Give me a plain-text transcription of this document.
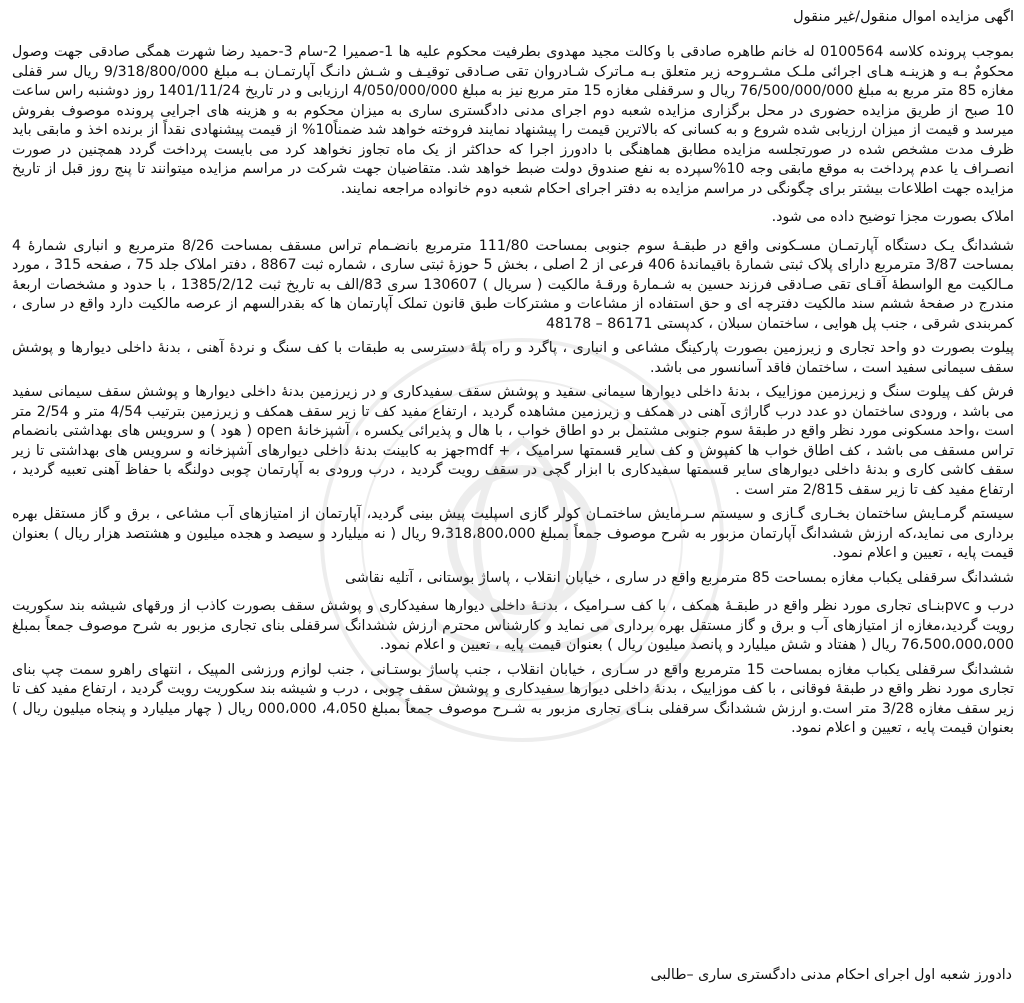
اگهی مزایده اموال منقول/غیر منقول

بموجب پرونده کلاسه 0100564 له خانم طاهره صادقی با وکالت مجید مهدوی بطرفیت محکوم علیه ها 1-صمیرا 2-سام 3-حمید رضا شهرت همگی صادقی جهت وصول محکومٌ بـه و هزینـه هـای اجرائی ملـک مشـروحه زیر متعلق بـه مـاترک شـادروان تقی صـادقی توقیـف و شـش دانـگ آپارتمـان بـه مبلغ 9/318/800/000 ریال سر قفلی مغازه 85 متر مربع به مبلغ 76/500/000/000 ریال و سرقفلی مغازه 15 متر مربع نیز به مبلغ 4/050/000/000 ارزیابی و در تاریخ 1401/11/24 روز دوشنبه راس ساعت 10 صبح از طریق مزایده حضوری در محل برگزاری مزایده شعبه دوم اجرای مدنی دادگستری ساری به میزان محکوم به و هزینه های اجرایی پرونده موصوف بفروش میرسد و قیمت از میزان ارزیابی شده شروع و به کسانی که بالاترین قیمت را پیشنهاد نمایند فروخته خواهد شد ضمناً10% از قیمت پیشنهادی نقداً از برنده اخذ و مابقی باید ظرف مدت مشخص شده در صورتجلسه مزایده مطابق هماهنگی با دادورز اجرا که حداکثر از یک ماه تجاوز نخواهد کرد می بایست پرداخت گردد همچنین در صورت انصـراف یا عدم پرداخت به موقع مابقی وجه 10%سپرده به نفع صندوق دولت ضبط خواهد شد. متقاضیان جهت شرکت در مراسم مزایده میتوانند تا پنج روز قبل از تاریخ مزایده جهت اطلاعات بیشتر برای چگونگی در مراسم مزایده به دفتر اجرای احکام شعبه دوم خانواده مراجعه نمایند.

املاک بصورت مجزا توضیح داده می شود.

ششدانگ یـک دستگاه آپارتمـان مسـکونی واقع در طبقـهٔ سوم جنوبی بمساحت 111/80 مترمربع بانضـمام تراس مسقف بمساحت 8/26 مترمربع و انباری شمارهٔ 4 بمساحت 3/87 مترمربع دارای پلاک ثبتی شمارهٔ باقیماندهٔ 406 فرعی از 2 اصلی ، بخش 5 حوزهٔ ثبتی ساری ، شماره ثبت 8867 ، دفتر املاک جلد 75 ، صفحه 315 ، مورد مـالکیت مع الواسطهٔ آقـای تقی صـادقی فرزند حسین به شـمارهٔ ورقـهٔ مالکیت ( سریال ) 130607 سری 83/الف به تاریخ ثبت 1385/2/12 ، با حدود و مشخصات اربعهٔ مندرج در صفحهٔ ششم سند مالکیت دفترچه ای و حق استفاده از مشاعات و مشترکات طبق قانون تملک آپارتمان ها که بقدرالسهم از عرصه مالکیت دارد واقع در ساری ، کمربندی شرقی ، جنب پل هوایی ، ساختمان سبلان ، کدپستی 86171 – 48178

پیلوت بصورت دو واحد تجاری و زیرزمین بصورت پارکینگ مشاعی و انباری ، پاگرد و راه پلهٔ دسترسی به طبقات با کف سنگ و نردهٔ آهنی ، بدنهٔ داخلی دیوارها و پوشش سقف سیمانی سفید است ، ساختمان فاقد آسانسور می باشد.

فرش کف پیلوت سنگ و زیرزمین موزاییک ، بدنهٔ داخلی دیوارها سیمانی سفید و پوشش سقف سفیدکاری و در زیرزمین بدنهٔ داخلی دیوارها و پوشش سقف سیمانی سفید می باشد ، ورودی ساختمان دو عدد درب گاراژی آهنی در همکف و زیرزمین مشاهده گردید ، ارتفاع مفید کف تا زیر سقف همکف و زیرزمین بترتیب 4/54 متر و 2/54 متر است ،واحد مسکونی مورد نظر واقع در طبقهٔ سوم جنوبی مشتمل بر دو اطاق خواب ، با هال و پذیرائی یکسره ، آشپزخانهٔ open ( هود ) و سرویس های بهداشتی بانضمام تراس مسقف می باشد ، کف اطاق خواب ها کفپوش و کف سایر قسمتها سرامیک ، + mdfجهز به کابینت بدنهٔ داخلی دیوارهای آشپزخانه و سرویس های بهداشتی تا زیر سقف کاشی کاری و بدنهٔ داخلی دیوارهای سایر قسمتها سفیدکاری با ابزار گچی در سقف رویت گردید ، درب ورودی به آپارتمان چوبی دولنگه با حفاظ آهنی تعبیه گردید ، ارتفاع مفید کف تا زیر سقف 2/815 متر است .

سیستم گرمـایش ساختمان بخـاری گـازی و سیستم سـرمایش ساختمـان کولر گازی اسپلیت پیش بینی گردید، آپارتمان از امتیازهای آب مشاعی ، برق و گاز مستقل بهره برداری می نماید،که ارزش ششدانگ آپارتمان مزبور به شرح موصوف جمعاً بمبلغ 9،318،800،000 ریال ( نه میلیارد و سیصد و هجده میلیون و هشتصد هزار ریال ) بعنوان قیمت پایه ، تعیین و اعلام نمود.

ششدانگ سرقفلی یکباب مغازه بمساحت 85 مترمربع واقع در ساری ، خیابان انقلاب ، پاساژ بوستانی ، آتلیه نقاشی

درب و pvcبنـای تجاری مورد نظر واقع در طبقـهٔ همکف ، با کف سـرامیک ، بدنـهٔ داخلی دیوارها سفیدکاری و پوشش سقف بصورت کاذب از ورقهای شیشه بند سکوریت رویت گردید،مغازه از امتیازهای آب و برق و گاز مستقل بهره برداری می نماید و کارشناس محترم ارزش ششدانگ سرقفلی بنای تجاری مزبور به شرح موصوف جمعاً بمبلغ 76،500،000،000 ریال ( هفتاد و شش میلیارد و پانصد میلیون ریال ) بعنوان قیمت پایه ، تعیین و اعلام نمود.

ششدانگ سرقفلی یکباب مغازه بمساحت 15 مترمربع واقع در سـاری ، خیابان انقلاب ، جنب پاساژ بوستـانی ، جنب لوازم ورزشی المپیک ، انتهای راهرو سمت چپ بنای تجاری مورد نظر واقع در طبقهٔ فوقانی ، با کف موزاییک ، بدنهٔ داخلی دیوارها سفیدکاری و پوشش سقف چوبی ، درب و شیشه بند سکوریت رویت گردید ، ارتفاع مفید کف تا زیر سقف مغازه 3/28 متر است.و ارزش ششدانگ سرقفلی بنـای تجاری مزبور به شـرح موصوف جمعاً بمبلغ 4،050، 000،000 ریال ( چهار میلیارد و پنجاه میلیون ریال ) بعنوان قیمت پایه ، تعیین و اعلام نمود.

دادورز شعبه اول اجرای احکام مدنی دادگستری ساری –طالبی
